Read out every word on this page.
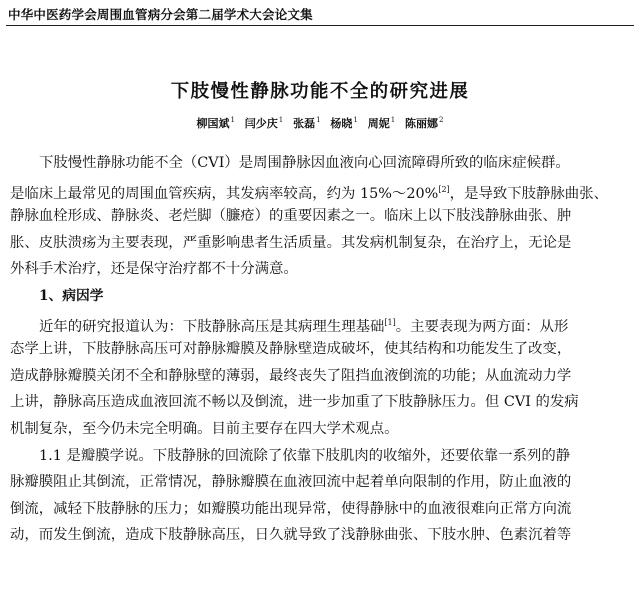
中华中医药学会周围血管病分会第二届学术大会论文集
下肢慢性静脉功能不全的研究进展
柳国斌$^1$ 闫少庆$^1$ 张磊$^1$ 杨晓$^1$ 周妮$^1$ 陈丽娜$^2$
下肢慢性静脉功能不全（CVI）是周围静脉因血液向心回流障碍所致的临床症候群。
是临床上最常见的周围血管疾病，其发病率较高，约为 15%～20%[2]，是导致下肢静脉曲张、
静脉血栓形成、静脉炎、老烂脚（臁疮）的重要因素之一。临床上以下肢浅静脉曲张、肿
胀、皮肤溃疡为主要表现，严重影响患者生活质量。其发病机制复杂，在治疗上，无论是
外科手术治疗，还是保守治疗都不十分满意。
1、病因学
近年的研究报道认为：下肢静脉高压是其病理生理基础[1]。主要表现为两方面：从形
态学上讲，下肢静脉高压可对静脉瓣膜及静脉壁造成破坏，使其结构和功能发生了改变，
造成静脉瓣膜关闭不全和静脉壁的薄弱，最终丧失了阻挡血液倒流的功能；从血流动力学
上讲，静脉高压造成血液回流不畅以及倒流，进一步加重了下肢静脉压力。但 CVI 的发病
机制复杂，至今仍未完全明确。目前主要存在四大学术观点。
1.1 是瓣膜学说。下肢静脉的回流除了依靠下肢肌肉的收缩外，还要依靠一系列的静
脉瓣膜阻止其倒流，正常情况，静脉瓣膜在血液回流中起着单向限制的作用，防止血液的
倒流，减轻下肢静脉的压力；如瓣膜功能出现异常，使得静脉中的血液很难向正常方向流
动，而发生倒流，造成下肢静脉高压，日久就导致了浅静脉曲张、下肢水肿、色素沉着等
